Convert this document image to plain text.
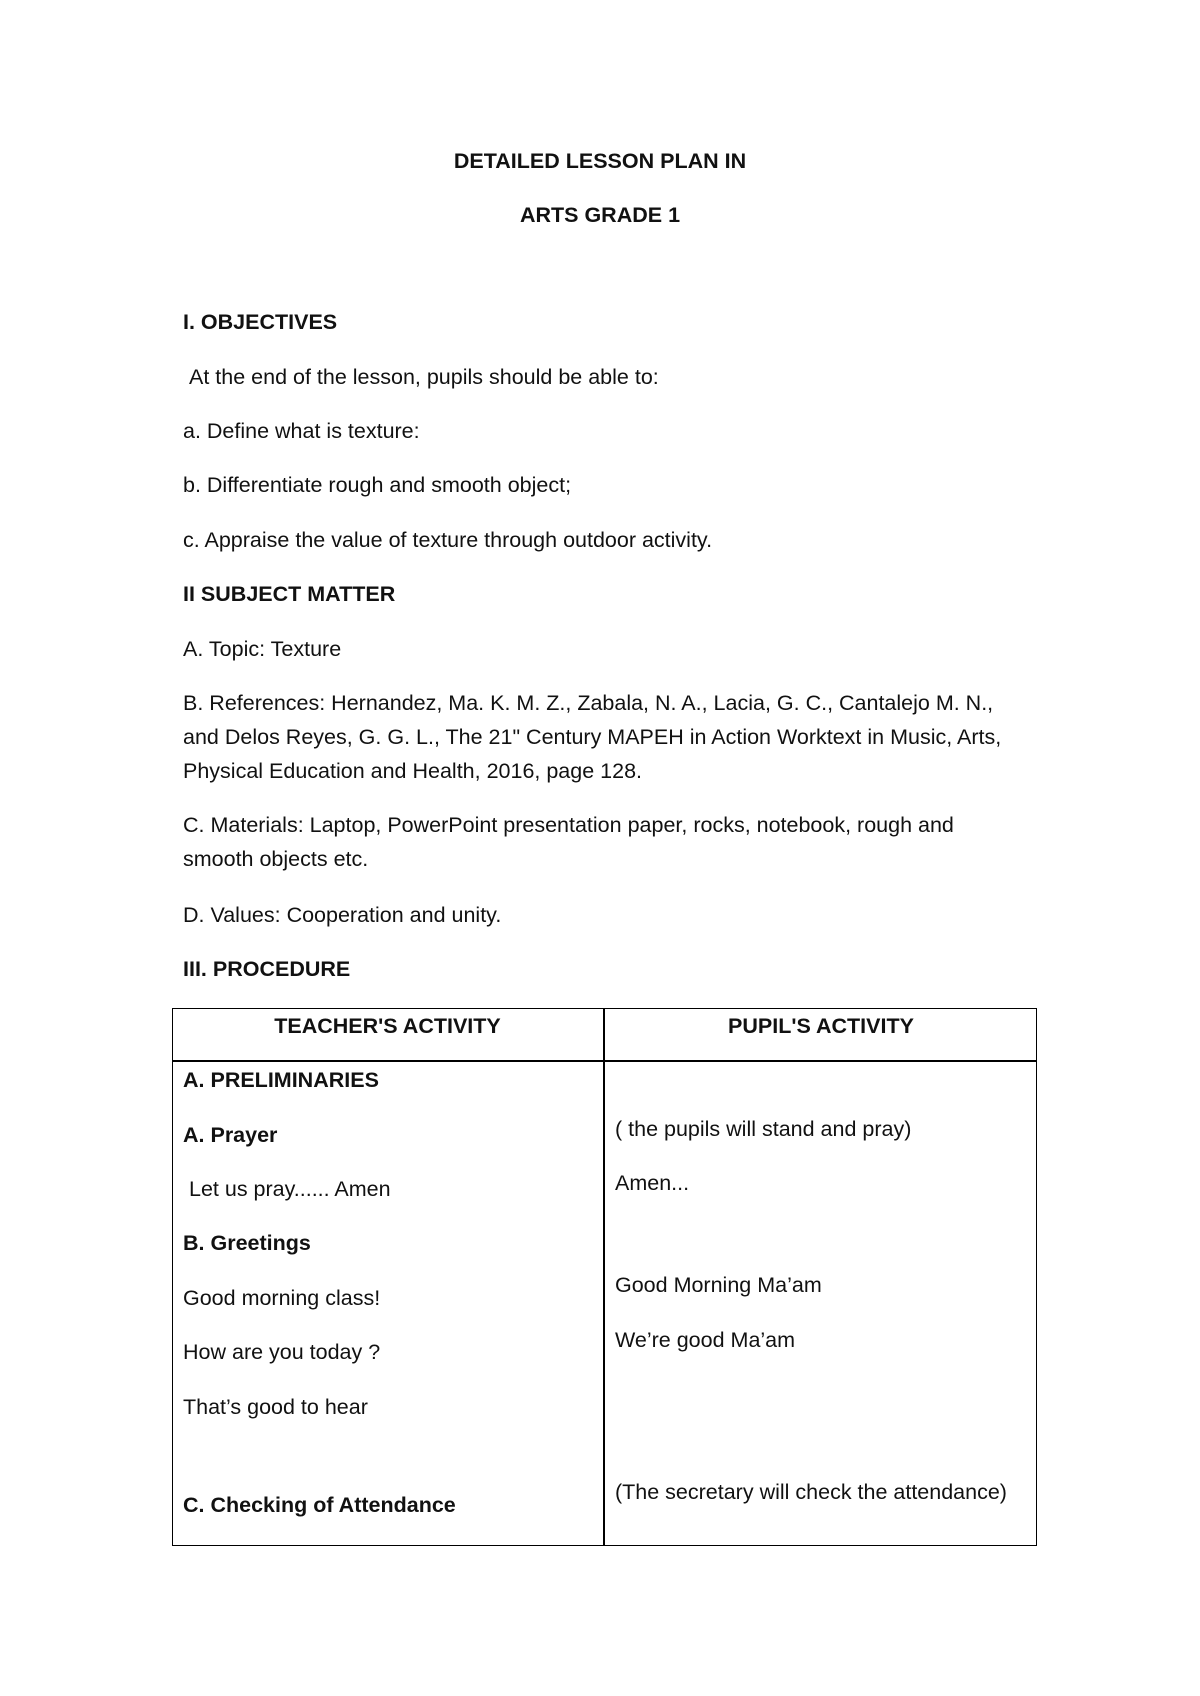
DETAILED LESSON PLAN IN
ARTS GRADE 1
I. OBJECTIVES
At the end of the lesson, pupils should be able to:
a. Define what is texture:
b. Differentiate rough and smooth object;
c. Appraise the value of texture through outdoor activity.
II SUBJECT MATTER
A. Topic: Texture
B. References: Hernandez, Ma. K. M. Z., Zabala, N. A., Lacia, G. C., Cantalejo M. N.,
and Delos Reyes, G. G. L., The 21" Century MAPEH in Action Worktext in Music, Arts,
Physical Education and Health, 2016, page 128.
C. Materials: Laptop, PowerPoint presentation paper, rocks, notebook, rough and
smooth objects etc.
D. Values: Cooperation and unity.
III. PROCEDURE
TEACHER'S ACTIVITY	PUPIL'S ACTIVITY
A. PRELIMINARIES
A. Prayer
Let us pray...... Amen
B. Greetings
Good morning class!
How are you today ?
That’s good to hear
C. Checking of Attendance
( the pupils will stand and pray)
Amen...
Good Morning Ma’am
We’re good Ma’am
(The secretary will check the attendance)
